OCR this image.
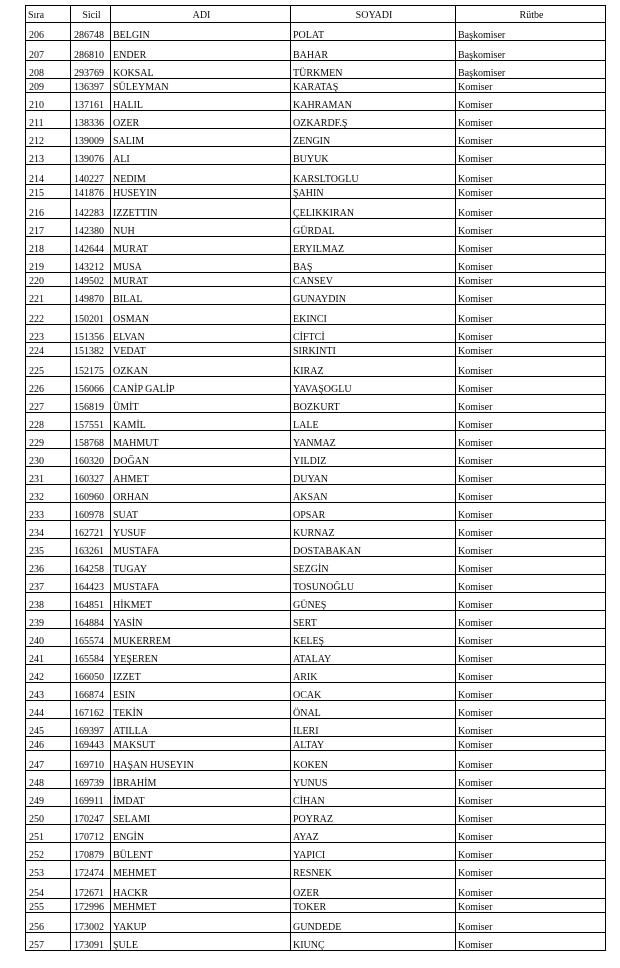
Sıra	Sicil	ADI	SOYADI	Rütbe

206	286748	BELGIN	POLAT	Başkomiser

207	286810	ENDER	BAHAR	Başkomiser

208	293769	KOKSAL	TÜRKMEN	Başkomiser

209	136397	SÜLEYMAN	KARATAŞ	Komiser

210	137161	HALIL	KAHRAMAN	Komiser

211	138336	OZER	OZKARDF.Ş	Komiser

212	139009	SALIM	ZENGIN	Komiser

213	139076	ALI	BUYUK	Komiser

214	140227	NEDIM	KARSLTOGLU	Komiser

215	141876	HUSEYIN	ŞAHIN	Komiser

216	142283	IZZETTIN	ÇELIKKIRAN	Komiser

217	142380	NUH	GÜRDAL	Komiser

218	142644	MURAT	ERYILMAZ	Komiser

219	143212	MUSA	BAŞ	Komiser

220	149502	MURAT	CANSEV	Komiser

221	149870	BILAL	GUNAYDIN	Komiser

222	150201	OSMAN	EKINCI	Komiser

223	151356	ELVAN	CİFTCİ	Komiser

224	151382	VEDAT	SIRKINTI	Komiser

225	152175	OZKAN	KIRAZ	Komiser

226	156066	CANİP GALİP	YAVAŞOGLU	Komiser

227	156819	ÜMİT	BOZKURT	Komiser

228	157551	KAMİL	LALE	Komiser

229	158768	MAHMUT	YANMAZ	Komiser

230	160320	DOĞAN	YILDIZ	Komiser

231	160327	AHMET	DUYAN	Komiser

232	160960	ORHAN	AKSAN	Komiser

233	160978	SUAT	OPSAR	Komiser

234	162721	YUSUF	KURNAZ	Komiser

235	163261	MUSTAFA	DOSTABAKAN	Komiser

236	164258	TUGAY	SEZGİN	Komiser

237	164423	MUSTAFA	TOSUNOĞLU	Komiser

238	164851	HİKMET	GÜNEŞ	Komiser

239	164884	YASİN	SERT	Komiser

240	165574	MUKERREM	KELEŞ	Komiser

241	165584	YEŞEREN	ATALAY	Komiser

242	166050	IZZET	ARIK	Komiser

243	166874	ESIN	OCAK	Komiser

244	167162	TEKİN	ÖNAL	Komiser

245	169397	ATILLA	ILERI	Komiser

246	169443	MAKSUT	ALTAY	Komiser

247	169710	HAŞAN HUSEYIN	KOKEN	Komiser

248	169739	İBRAHİM	YUNUS	Komiser

249	169911	İMDAT	CİHAN	Komiser

250	170247	SELAMI	POYRAZ	Komiser

251	170712	ENGİN	AYAZ	Komiser

252	170879	BÜLENT	YAPICI	Komiser

253	172474	MEHMET	RESNEK	Komiser

254	172671	HACKR	OZER	Komiser

255	172996	MEHMET	TOKER	Komiser

256	173002	YAKUP	GUNDEDE	Komiser

257	173091	ŞULE	KIUNÇ	Komiser
